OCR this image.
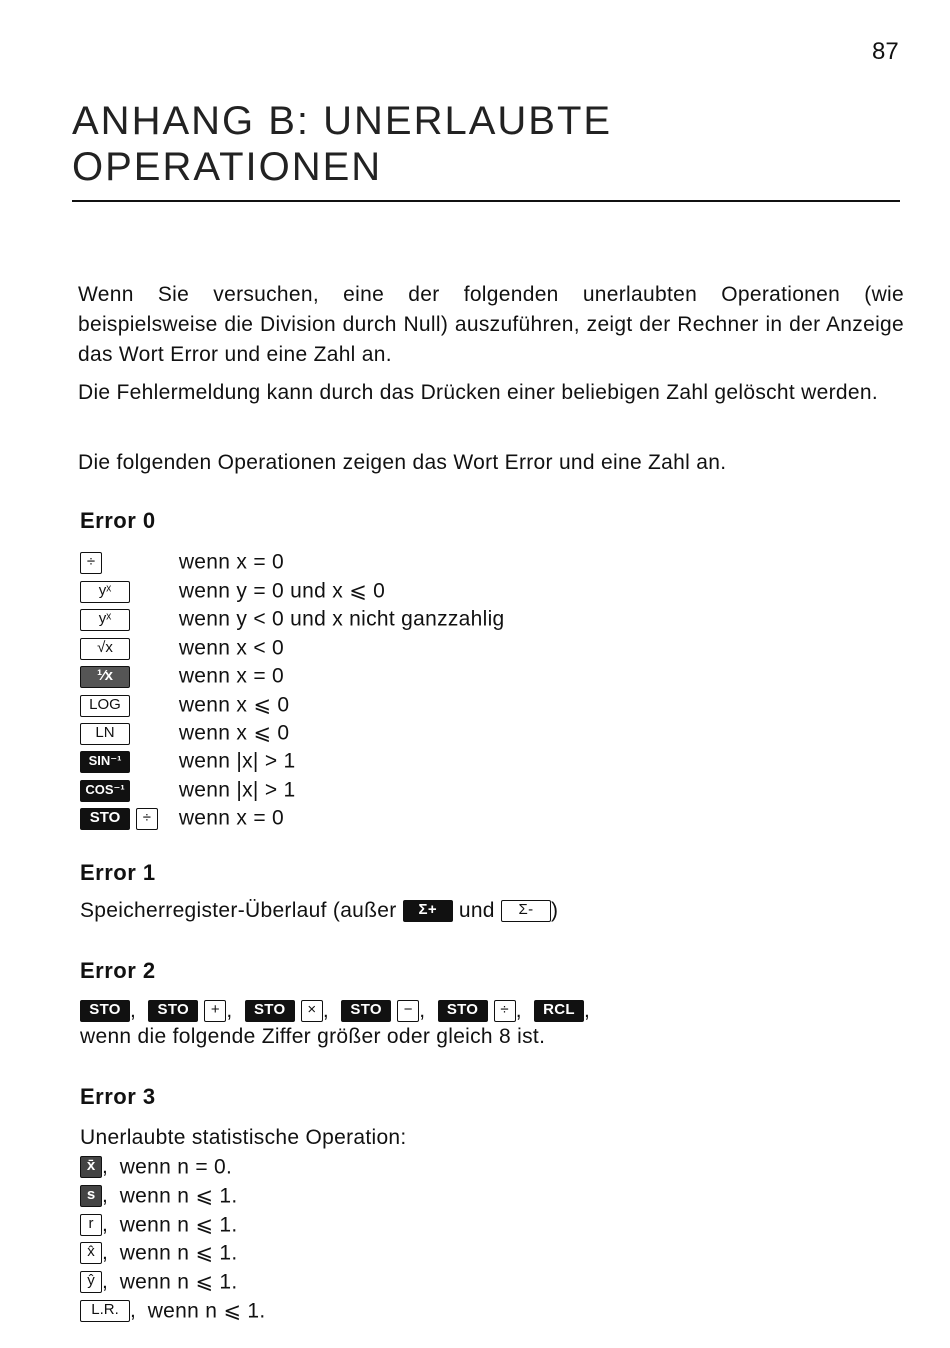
87
ANHANG B: UNERLAUBTE
OPERATIONEN

Wenn Sie versuchen, eine der folgenden unerlaubten Operationen (wie beispielsweise die Division durch Null) auszuführen, zeigt der Rechner in der Anzeige das Wort Error und eine Zahl an.

Die Fehlermeldung kann durch das Drücken einer beliebigen Zahl gelöscht werden.

Die folgenden Operationen zeigen das Wort Error und eine Zahl an.

Error 0
÷	wenn x = 0
yˣ	wenn y = 0 und x ⩽ 0
yˣ	wenn y < 0 und x nicht ganzzahlig
√x	wenn x < 0
¹⁄x	wenn x = 0
LOG	wenn x ⩽ 0
LN	wenn x ⩽ 0
SIN⁻¹	wenn |x| > 1
COS⁻¹	wenn |x| > 1
STO ÷ wenn x = 0
Error 1
Speicherregister-Überlauf (außer Σ+ und Σ- )
Error 2
STO , STO + , STO × , STO − , STO ÷ , RCL ,
wenn die folgende Ziffer größer oder gleich 8 ist.
Error 3
Unerlaubte statistische Operation:
x̄ , wenn n = 0.
s , wenn n ⩽ 1.
r , wenn n ⩽ 1.
x̂ , wenn n ⩽ 1.
ŷ , wenn n ⩽ 1.
L.R. , wenn n ⩽ 1.
